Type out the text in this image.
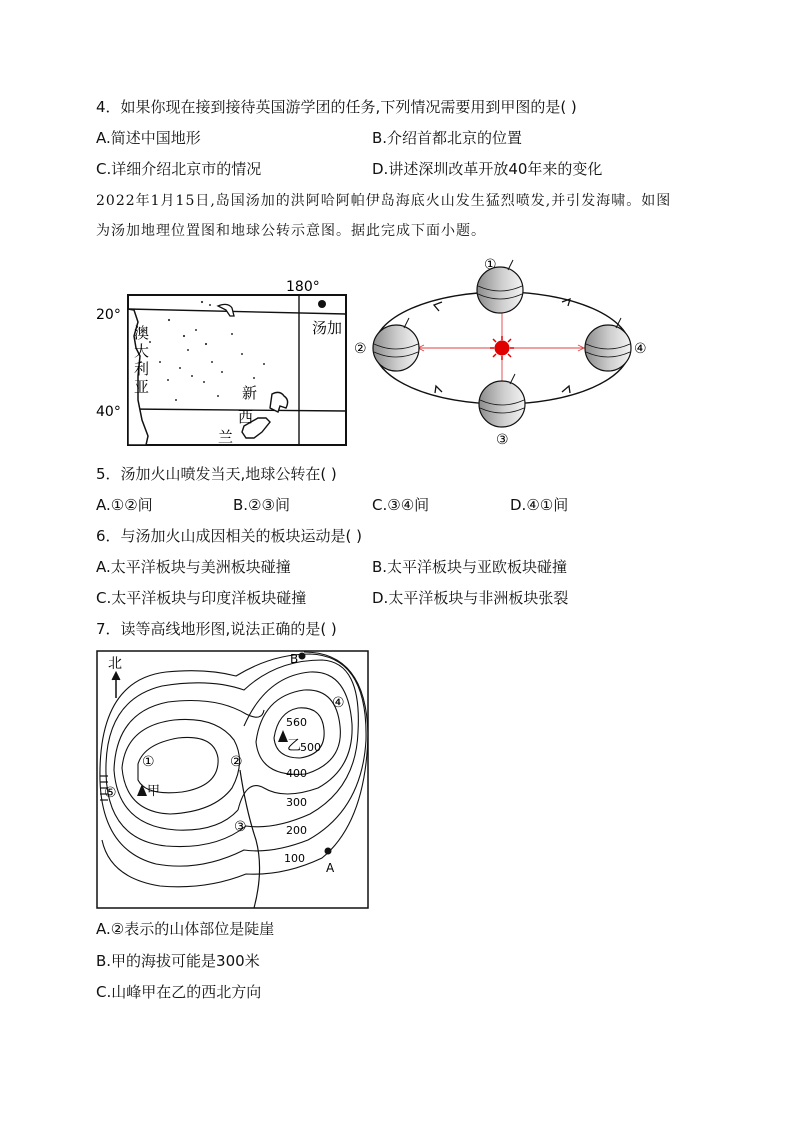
4．如果你现在接到接待英国游学团的任务,下列情况需要用到甲图的是( )
A.简述中国地形	B.介绍首都北京的位置
C.详细介绍北京市的情况	D.讲述深圳改革开放40年来的变化
2022年1月15日,岛国汤加的洪阿哈阿帕伊岛海底火山发生猛烈喷发,并引发海啸。如图
为汤加地理位置图和地球公转示意图。据此完成下面小题。
180°
20°
40°
汤加
澳
大
利
亚	新
西
兰
①
②
③
④
5．汤加火山喷发当天,地球公转在( )
A.①②间	B.②③间	C.③④间	D.④①间
6．与汤加火山成因相关的板块运动是( )
A.太平洋板块与美洲板块碰撞	B.太平洋板块与亚欧板块碰撞
C.太平洋板块与印度洋板块碰撞	D.太平洋板块与非洲板块张裂
7．读等高线地形图,说法正确的是( )
北	B
A
甲
乙
①	②
③
④
⑤
560
500
400
300
200
100
A.②表示的山体部位是陡崖
B.甲的海拔可能是300米
C.山峰甲在乙的西北方向
